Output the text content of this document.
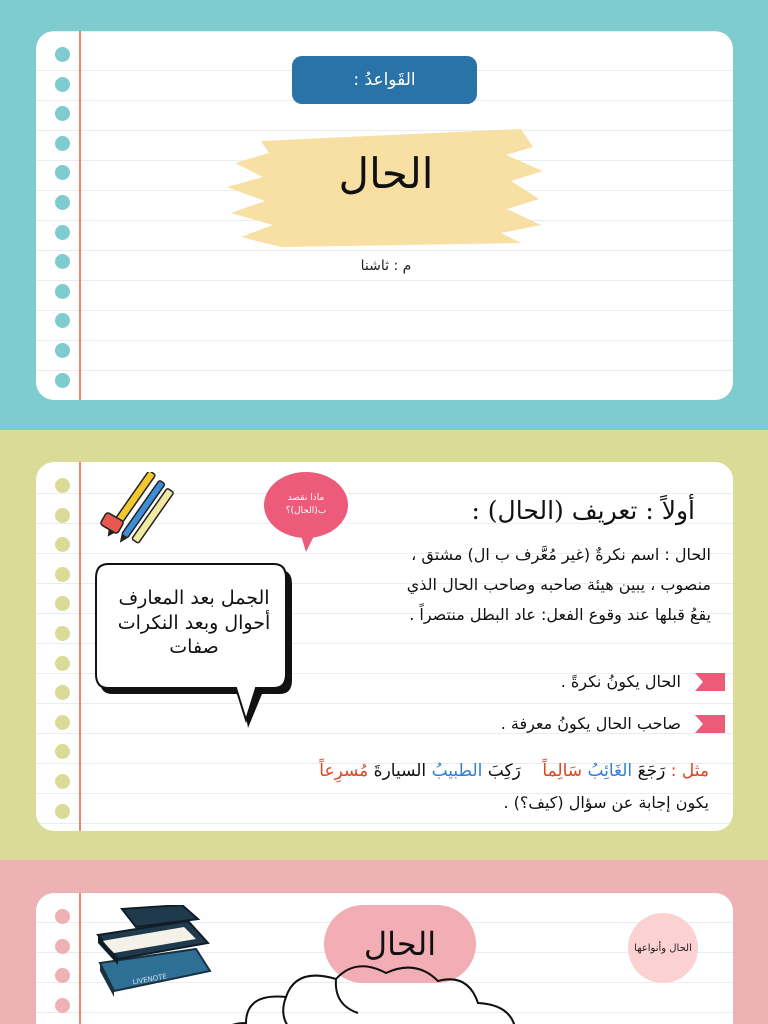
القَواعدُ :
الحال
م : ثاشنا
ماذا نقصد
ب(الحال)؟	أولاً : تعريف (الحال) :
الحال : اسم نكرةٌ (غير مُعَّرف ب ال) مشتق ،
منصوب ، يبين هيئة صاحبه وصاحب الحال الذي
يقعُ قبلها عند وقوع الفعل: عاد البطل منتصراً .
الجمل بعد المعارف
أحوال وبعد النكرات
صفات
الحال يكونُ نكرةً .
صاحب الحال يكونُ معرفة .
مثل : رَجَعَ الغَائِبُ سَالِماً    رَكِبَ الطبيبُ السيارةَ مُسرِعاً
يكون إجابة عن سؤال (كيف؟) .
LIVENOTE
الحال	الحال وأنواعها
